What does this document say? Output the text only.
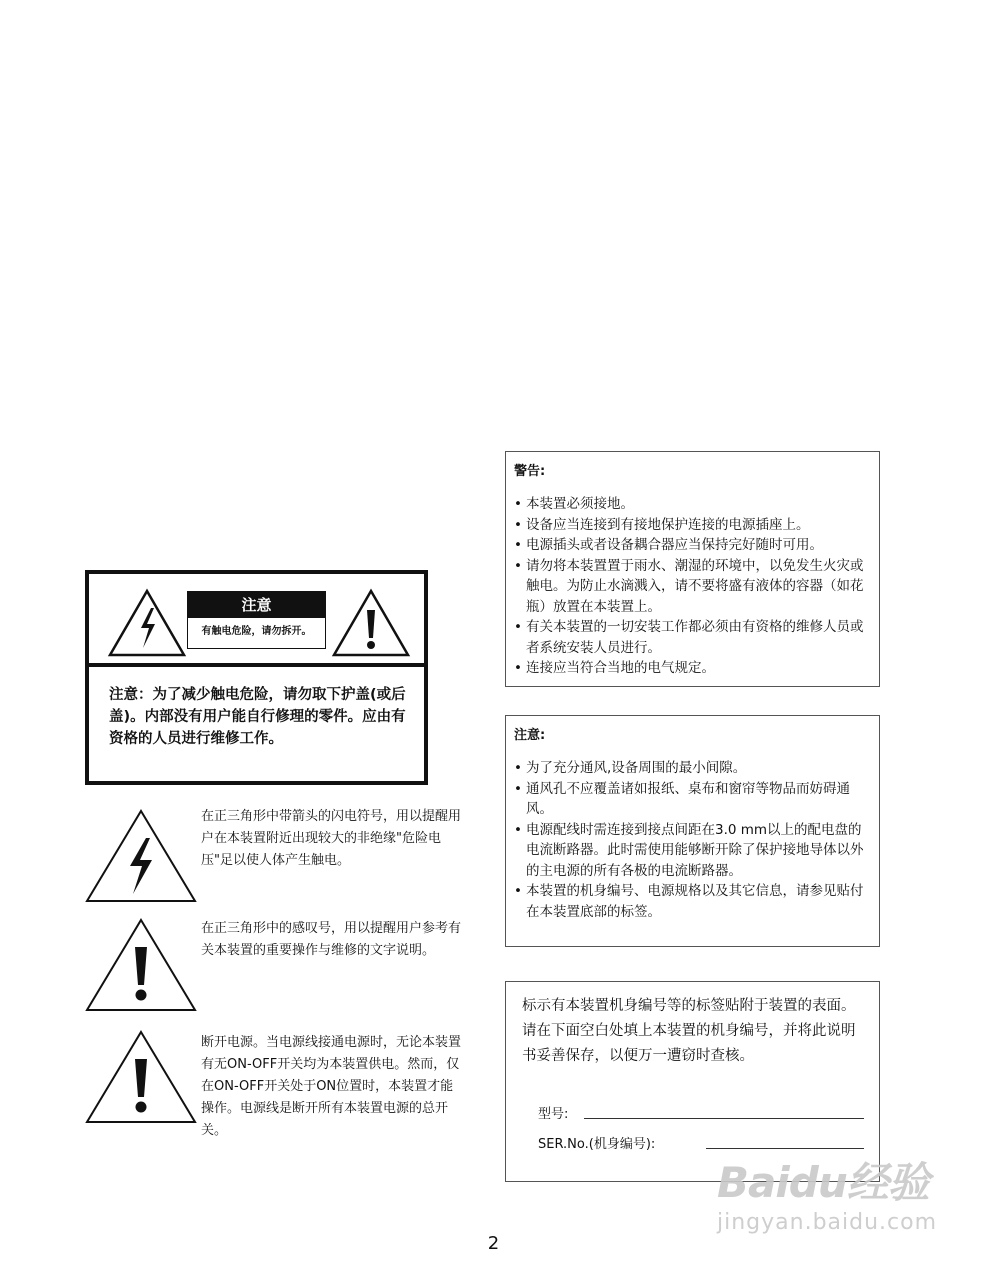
注意
有触电危险，请勿拆开。
注意：为了减少触电危险，请勿取下护盖(或后盖)。内部没有用户能自行修理的零件。应由有资格的人员进行维修工作。
在正三角形中带箭头的闪电符号，用以提醒用户在本装置附近出现较大的非绝缘"危险电压"足以使人体产生触电。
在正三角形中的感叹号，用以提醒用户参考有关本装置的重要操作与维修的文字说明。
断开电源。当电源线接通电源时，无论本装置有无ON-OFF开关均为本装置供电。然而，仅在ON-OFF开关处于ON位置时，本装置才能操作。电源线是断开所有本装置电源的总开关。
警告:
• 本装置必须接地。
• 设备应当连接到有接地保护连接的电源插座上。
• 电源插头或者设备耦合器应当保持完好随时可用。
• 请勿将本装置置于雨水、潮湿的环境中，以免发生火灾或触电。为防止水滴溅入，请不要将盛有液体的容器（如花瓶）放置在本装置上。
• 有关本装置的一切安装工作都必须由有资格的维修人员或者系统安装人员进行。
• 连接应当符合当地的电气规定。
注意:
• 为了充分通风,设备周围的最小间隙。
• 通风孔不应覆盖诸如报纸、桌布和窗帘等物品而妨碍通风。
• 电源配线时需连接到接点间距在3.0 mm以上的配电盘的电流断路器。此时需使用能够断开除了保护接地导体以外的主电源的所有各极的电流断路器。
• 本装置的机身编号、电源规格以及其它信息，请参见贴付在本装置底部的标签。

标示有本装置机身编号等的标签贴附于装置的表面。

请在下面空白处填上本装置的机身编号，并将此说明书妥善保存，以便万一遭窃时查核。

型号:
SER.No.(机身编号):
2
Baidu经验
jingyan.baidu.com
